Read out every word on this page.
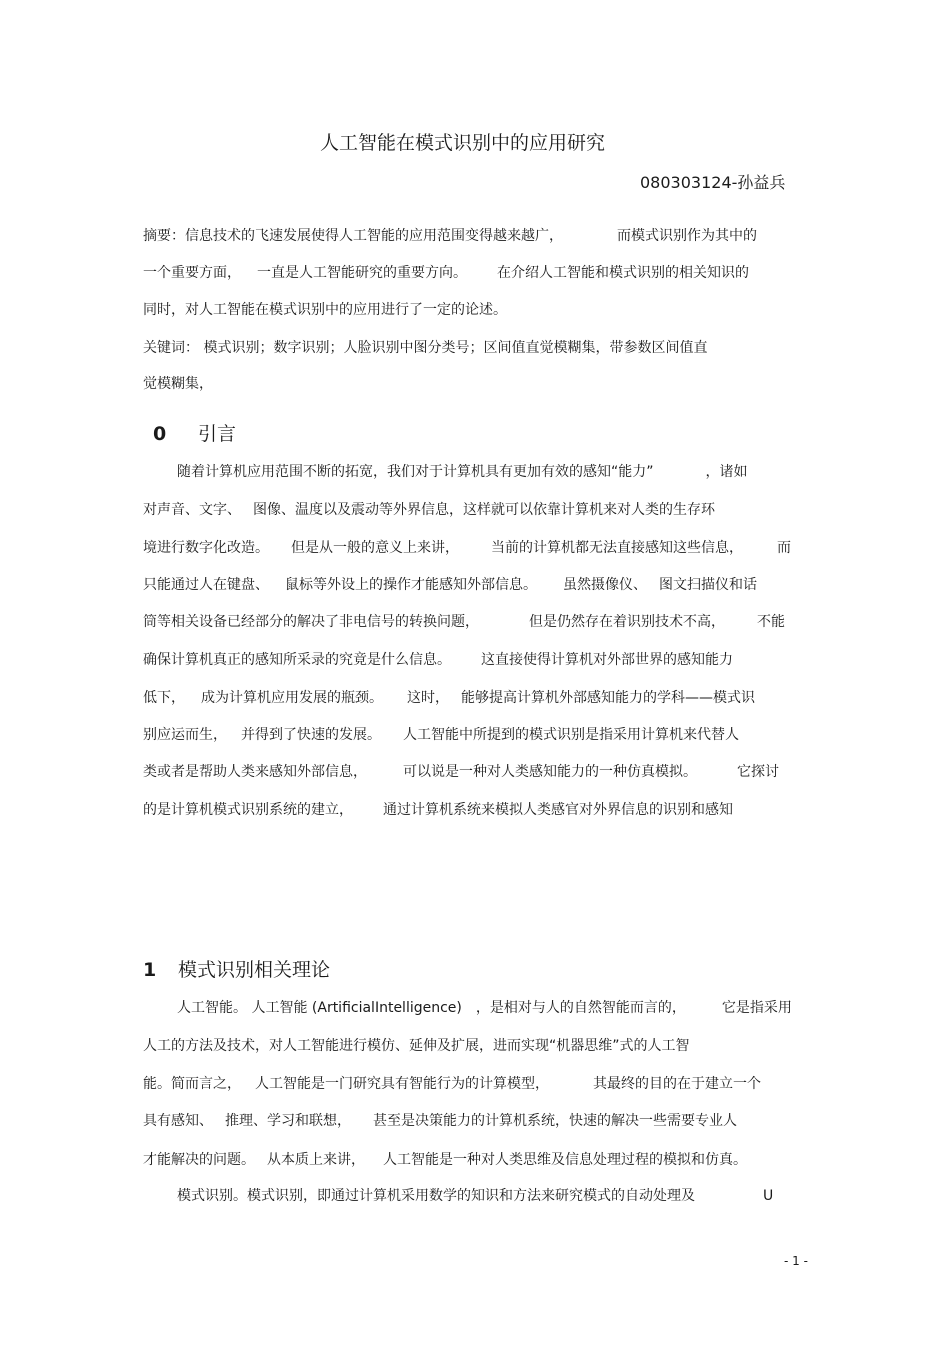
人工智能在模式识别中的应用研究
080303124-孙益兵
摘要：信息技术的飞速发展使得人工智能的应用范围变得越来越广，	而模式识别作为其中的
一个重要方面， 一直是人工智能研究的重要方向。 在介绍人工智能和模式识别的相关知识的
同时，对人工智能在模式识别中的应用进行了一定的论述。
关键词： 模式识别；数字识别；人脸识别中图分类号；区间值直觉模糊集，带参数区间值直
觉模糊集，
0 引言
随着计算机应用范围不断的拓宽，我们对于计算机具有更加有效的感知“能力”	，诸如
对声音、文字、 图像、温度以及震动等外界信息，这样就可以依靠计算机来对人类的生存环
境进行数字化改造。 但是从一般的意义上来讲， 当前的计算机都无法直接感知这些信息， 而
只能通过人在键盘、 鼠标等外设上的操作才能感知外部信息。 虽然摄像仪、 图文扫描仪和话
筒等相关设备已经部分的解决了非电信号的转换问题，	但是仍然存在着识别技术不高， 不能
确保计算机真正的感知所采录的究竟是什么信息。 这直接使得计算机对外部世界的感知能力
低下， 成为计算机应用发展的瓶颈。 这时， 能够提高计算机外部感知能力的学科——模式识
别应运而生， 并得到了快速的发展。 人工智能中所提到的模式识别是指采用计算机来代替人
类或者是帮助人类来感知外部信息，	可以说是一种对人类感知能力的一种仿真模拟。	它探讨
的是计算机模式识别系统的建立， 通过计算机系统来模拟人类感官对外界信息的识别和感知
1 模式识别相关理论
人工智能。 人工智能 (ArtificialIntelligence) ，是相对与人的自然智能而言的，	它是指采用
人工的方法及技术，对人工智能进行模仿、延伸及扩展，进而实现“机器思维”式的人工智
能。简而言之， 人工智能是一门研究具有智能行为的计算模型，	其最终的目的在于建立一个
具有感知、 推理、学习和联想， 甚至是决策能力的计算机系统，快速的解决一些需要专业人
才能解决的问题。 从本质上来讲， 人工智能是一种对人类思维及信息处理过程的模拟和仿真。
模式识别。模式识别，即通过计算机采用数学的知识和方法来研究模式的自动处理及	U
- 1 -
